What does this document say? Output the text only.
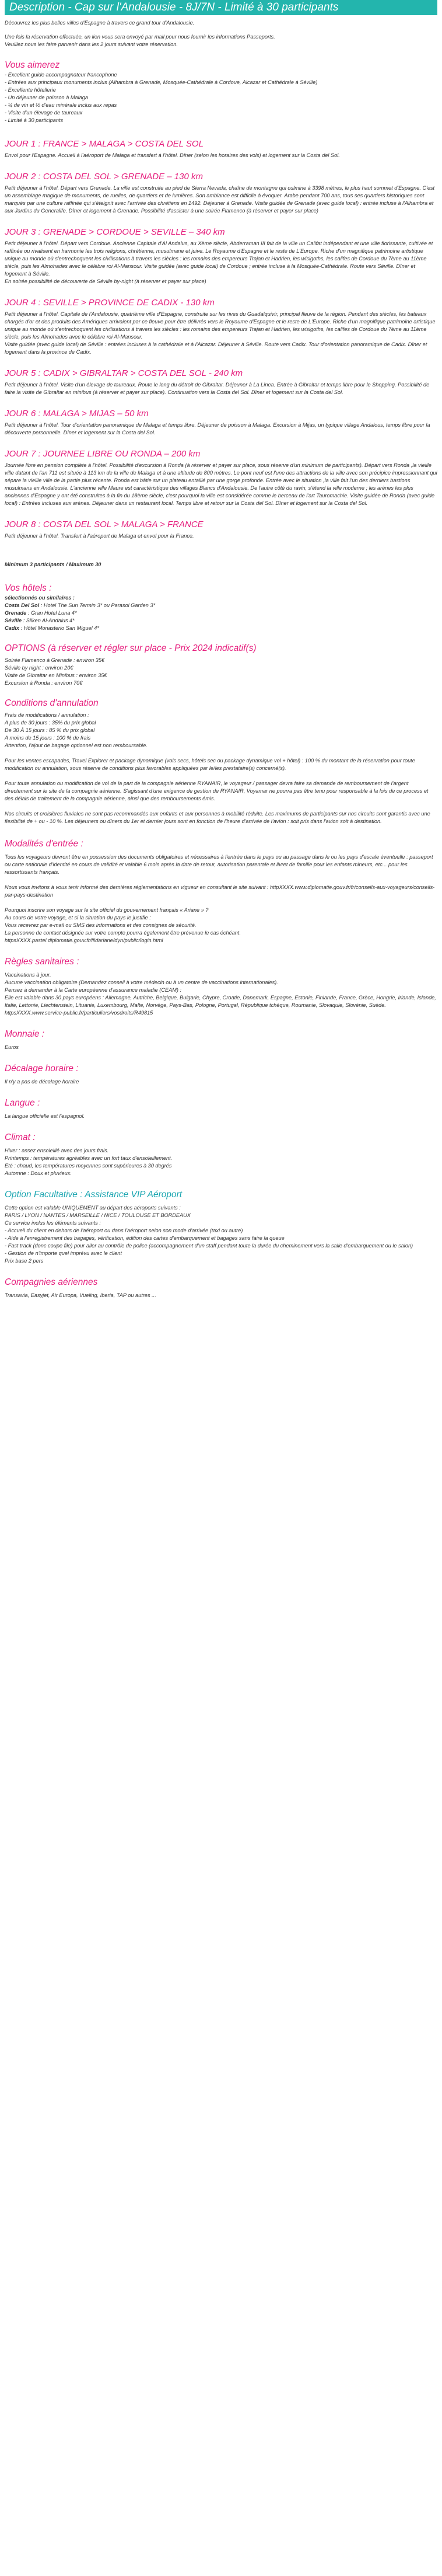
Description - Cap sur l'Andalousie - 8J/7N - Limité à 30 participants

Découvrez les plus belles villes d'Espagne à travers ce grand tour d'Andalousie.

Une fois la réservation effectuée, un lien vous sera envoyé par mail pour nous fournir les informations Passeports.

Veuillez nous les faire parvenir dans les 2 jours suivant votre réservation.

Vous aimerez
- Excellent guide accompagnateur francophone
- Entrées aux principaux monuments inclus (Alhambra à Grenade, Mosquée-Cathédrale à Cordoue, Alcazar et Cathédrale à Séville)
- Excellente hôtellerie
- Un déjeuner de poisson à Malaga
- ¼ de vin et ½ d'eau minérale inclus aux repas
- Visite d'un élevage de taureaux
- Limité à 30 participants
JOUR 1 : FRANCE > MALAGA > COSTA DEL SOL

Envol pour l'Espagne. Accueil à l'aéroport de Malaga et transfert à l'hôtel. Dîner (selon les horaires des vols) et logement sur la Costa del Sol.

JOUR 2 : COSTA DEL SOL > GRENADE – 130 km

Petit déjeuner à l'hôtel. Départ vers Grenade. La ville est construite au pied de Sierra Nevada, chaîne de montagne qui culmine à 3398 mètres, le plus haut sommet d'Espagne. C'est un assemblage magique de monuments, de ruelles, de quartiers et de lumières. Son ambiance est difficile à évoquer. Arabe pendant 700 ans, tous ses quartiers historiques sont marqués par une culture raffinée qui s'éteignit avec l'arrivée des chrétiens en 1492. Déjeuner à Grenade. Visite guidée de Grenade (avec guide local) : entrée incluse à l'Alhambra et aux Jardins du Generalife. Dîner et logement à Grenade. Possibilité d'assister à une soirée Flamenco (à réserver et payer sur place)

JOUR 3 : GRENADE > CORDOUE > SEVILLE – 340 km

Petit déjeuner à l'hôtel. Départ vers Cordoue. Ancienne Capitale d'Al Andalus, au Xème siècle, Abderraman III fait de la ville un Califat indépendant et une ville florissante, cultivée et raffinée ou rivalisent en harmonie les trois religions, chrétienne, musulmane et juive. Le Royaume d'Espagne et le reste de L'Europe. Riche d'un magnifique patrimoine artistique unique au monde où s'entrechoquent les civilisations à travers les siècles : les romains des empereurs Trajan et Hadrien, les wisigoths, les califes de Cordoue du 7ème au 11ème siècle, puis les Almohades avec le célèbre roi Al-Mansour. Visite guidée (avec guide local) de Cordoue ; entrée incluse à la Mosquée-Cathédrale. Route vers Séville. Dîner et logement à Séville.

En soirée possibilité de découverte de Séville by-night (à réserver et payer sur place)

JOUR 4 : SEVILLE > PROVINCE DE CADIX - 130 km

Petit déjeuner à l'hôtel. Capitale de l'Andalousie, quatrième ville d'Espagne, construite sur les rives du Guadalquivir, principal fleuve de la région. Pendant des siècles, les bateaux chargés d'or et des produits des Amériques arrivaient par ce fleuve pour être délivrés vers le Royaume d'Espagne et le reste de L'Europe. Riche d'un magnifique patrimoine artistique unique au monde où s'entrechoquent les civilisations à travers les siècles : les romains des empereurs Trajan et Hadrien, les wisigoths, les califes de Cordoue du 7ème au 11ème siècle, puis les Almohades avec le célèbre roi Al-Mansour.

Visite guidée (avec guide local) de Séville : entrées incluses à la cathédrale et à l'Alcazar. Déjeuner à Séville. Route vers Cadix. Tour d'orientation panoramique de Cadix. Dîner et logement dans la province de Cadix.

JOUR 5 : CADIX > GIBRALTAR > COSTA DEL SOL - 240 km

Petit déjeuner à l'hôtel. Visite d'un élevage de taureaux. Route le long du détroit de Gibraltar. Déjeuner à La Linea. Entrée à Gibraltar et temps libre pour le Shopping. Possibilité de faire la visite de Gibraltar en minibus (à réserver et payer sur place). Continuation vers la Costa del Sol. Dîner et logement sur la Costa del Sol.

JOUR 6 : MALAGA > MIJAS – 50 km

Petit déjeuner à l'hôtel. Tour d'orientation panoramique de Malaga et temps libre. Déjeuner de poisson à Malaga. Excursion à Mijas, un typique village Andalous, temps libre pour la découverte personnelle. Dîner et logement sur la Costa del Sol.

JOUR 7 : JOURNEE LIBRE OU RONDA – 200 km

Journée libre en pension complète à l'hôtel. Possibilité d'excursion à Ronda (à réserver et payer sur place, sous réserve d'un minimum de participants). Départ vers Ronda ,la vieille ville datant de l'an 711 est située à 113 km de la ville de Malaga et à une altitude de 800 mètres. Le pont neuf est l'une des attractions de la ville avec son précipice impressionnant qui sépare la vieille ville de la partie plus récente. Ronda est bâtie sur un plateau entaillé par une gorge profonde. Entrée avec le situation ,la ville fait l'un des derniers bastions musulmans en Andalousie. L'ancienne ville Maure est caractéristique des villages Blancs d'Andalousie. De l'autre côté du ravin, s'étend la ville moderne ; les arènes les plus anciennes d'Espagne y ont été construites à la fin du 18ème siècle, c'est pourquoi la ville est considérée comme le berceau de l'art Tauromachie. Visite guidée de Ronda (avec guide local) : Entrées incluses aux arènes. Déjeuner dans un restaurant local. Temps libre et retour sur la Costa del Sol. Dîner et logement sur la Costa del Sol.

JOUR 8 : COSTA DEL SOL > MALAGA > FRANCE

Petit déjeuner à l'hôtel. Transfert à l'aéroport de Malaga et envol pour la France.

Minimum 3 participants / Maximum 30

Vos hôtels :

sélectionnés ou similaires :

Costa Del Sol : Hotel The Sun Termin 3* ou Parasol Garden 3*

Grenade : Gran Hotel Luna 4*

Séville : Silken Al-Andalus 4*

Cadix : Hôtel Monasterio San Miguel 4*

OPTIONS (à réserver et régler sur place - Prix 2024 indicatif(s)

Soirée Flamenco à Grenade : environ 35€

Séville by night : environ 20€

Visite de Gibraltar en Minibus : environ 35€

Excursion à Ronda : environ 70€

Conditions d'annulation

Frais de modifications / annulation :

A plus de 30 jours : 35% du prix global

De 30 À 15 jours : 85 % du prix global

A moins de 15 jours : 100 % de frais

Attention, l'ajout de bagage optionnel est non remboursable.

Pour les ventes escapades, Travel Explorer et package dynamique (vols secs, hôtels sec ou package dynamique vol + hôtel) : 100 % du montant de la réservation pour toute modification ou annulation, sous réserve de conditions plus favorables appliquées par le/les prestataire(s) concerné(s).

Pour toute annulation ou modification de vol de la part de la compagnie aérienne RYANAIR, le voyageur / passager devra faire sa demande de remboursement de l'argent directement sur le site de la compagnie aérienne. S'agissant d'une exigence de gestion de RYANAIR, Voyamar ne pourra pas être tenu pour responsable à la lois de ce process et des délais de traitement de la compagnie aérienne, ainsi que des remboursements émis.

Nos circuits et croisières fluviales ne sont pas recommandés aux enfants et aux personnes à mobilité réduite. Les maximums de participants sur nos circuits sont garantis avec une flexibilité de + ou - 10 %. Les déjeuners ou dîners du 1er et dernier jours sont en fonction de l'heure d'arrivée de l'avion : soit pris dans l'avion soit à destination.

Modalités d'entrée :

Tous les voyageurs devront être en possession des documents obligatoires et nécessaires à l'entrée dans le pays ou au passage dans le ou les pays d'escale éventuelle : passeport ou carte nationale d'identité en cours de validité et valable 6 mois après la date de retour, autorisation parentale et livret de famille pour les enfants mineurs, etc... pour les ressortissants français.

Nous vous invitons à vous tenir informé des dernières réglementations en vigueur en consultant le site suivant : httpXXXX.www.diplomatie.gouv.fr/fr/conseils-aux-voyageurs/conseils-par-pays-destination

Pourquoi inscrire son voyage sur le site officiel du gouvernement français « Ariane » ?

Au cours de votre voyage, et si la situation du pays le justifie :

Vous recevrez par e-mail ou SMS des informations et des consignes de sécurité.

La personne de contact désignée sur votre compte pourra également être prévenue le cas échéant.

httpsXXXX.pastel.diplomatie.gouv.fr/fildariane/dyn/public/login.html

Règles sanitaires :

Vaccinations à jour.

Aucune vaccination obligatoire (Demandez conseil à votre médecin ou à un centre de vaccinations internationales).

Pensez à demander à la Carte européenne d'assurance maladie (CEAM) :

Elle est valable dans 30 pays européens : Allemagne, Autriche, Belgique, Bulgarie, Chypre, Croatie, Danemark, Espagne, Estonie, Finlande, France, Grèce, Hongrie, Irlande, Islande, Italie, Lettonie, Liechtenstein, Lituanie, Luxembourg, Malte, Norvège, Pays-Bas, Pologne, Portugal, République tchèque, Roumanie, Slovaquie, Slovénie, Suède.

httpsXXXX.www.service-public.fr/particuliers/vosdroits/R49815

Monnaie :

Euros

Décalage horaire :

Il n'y a pas de décalage horaire

Langue :

La langue officielle est l'espagnol.

Climat :

Hiver : assez ensoleillé avec des jours frais.

Printemps : températures agréables avec un fort taux d'ensoleillement.

Eté : chaud, les températures moyennes sont supérieures à 30 degrés

Automne : Doux et pluvieux.

Option Facultative : Assistance VIP Aéroport

Cette option est valable UNIQUEMENT au départ des aéroports suivants :

PARIS / LYON / NANTES / MARSEILLE / NICE / TOULOUSE ET BORDEAUX

Ce service inclus les éléments suivants :

- Accueil du client en dehors de l'aéroport ou dans l'aéroport selon son mode d'arrivée (taxi ou autre)

- Aide à l'enregistrement des bagages, vérification, édition des cartes d'embarquement et bagages sans faire la queue

- Fast track (donc coupe file) pour aller au contrôle de police (accompagnement d'un staff pendant toute la durée du cheminement vers la salle d'embarquement ou le salon)

- Gestion de n'importe quel imprévu avec le client

Prix base 2 pers

Compagnies aériennes

Transavia, Easyjet, Air Europa, Vueling, Iberia, TAP ou autres ...
